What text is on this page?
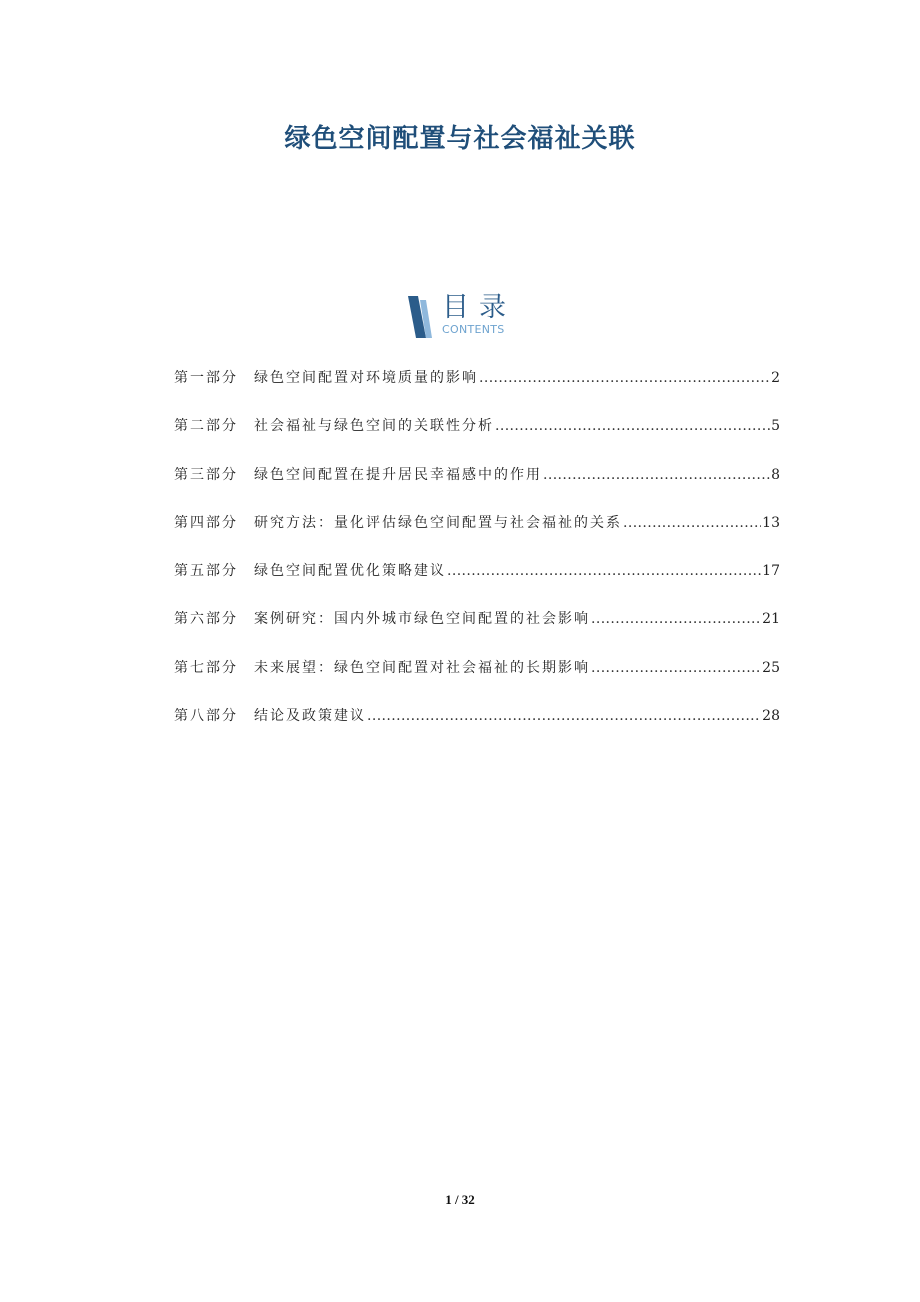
绿色空间配置与社会福祉关联
目录
CONTENTS
第一部分	绿色空间配置对环境质量的影响 .....	2
第二部分	社会福祉与绿色空间的关联性分析 .....	5
第三部分	绿色空间配置在提升居民幸福感中的作用 .....	8
第四部分	研究方法：量化评估绿色空间配置与社会福祉的关系 .....	13
第五部分	绿色空间配置优化策略建议 .....	17
第六部分	案例研究：国内外城市绿色空间配置的社会影响 .....	21
第七部分	未来展望：绿色空间配置对社会福祉的长期影响 .....	25
第八部分	结论及政策建议 .....	28
1 / 32
